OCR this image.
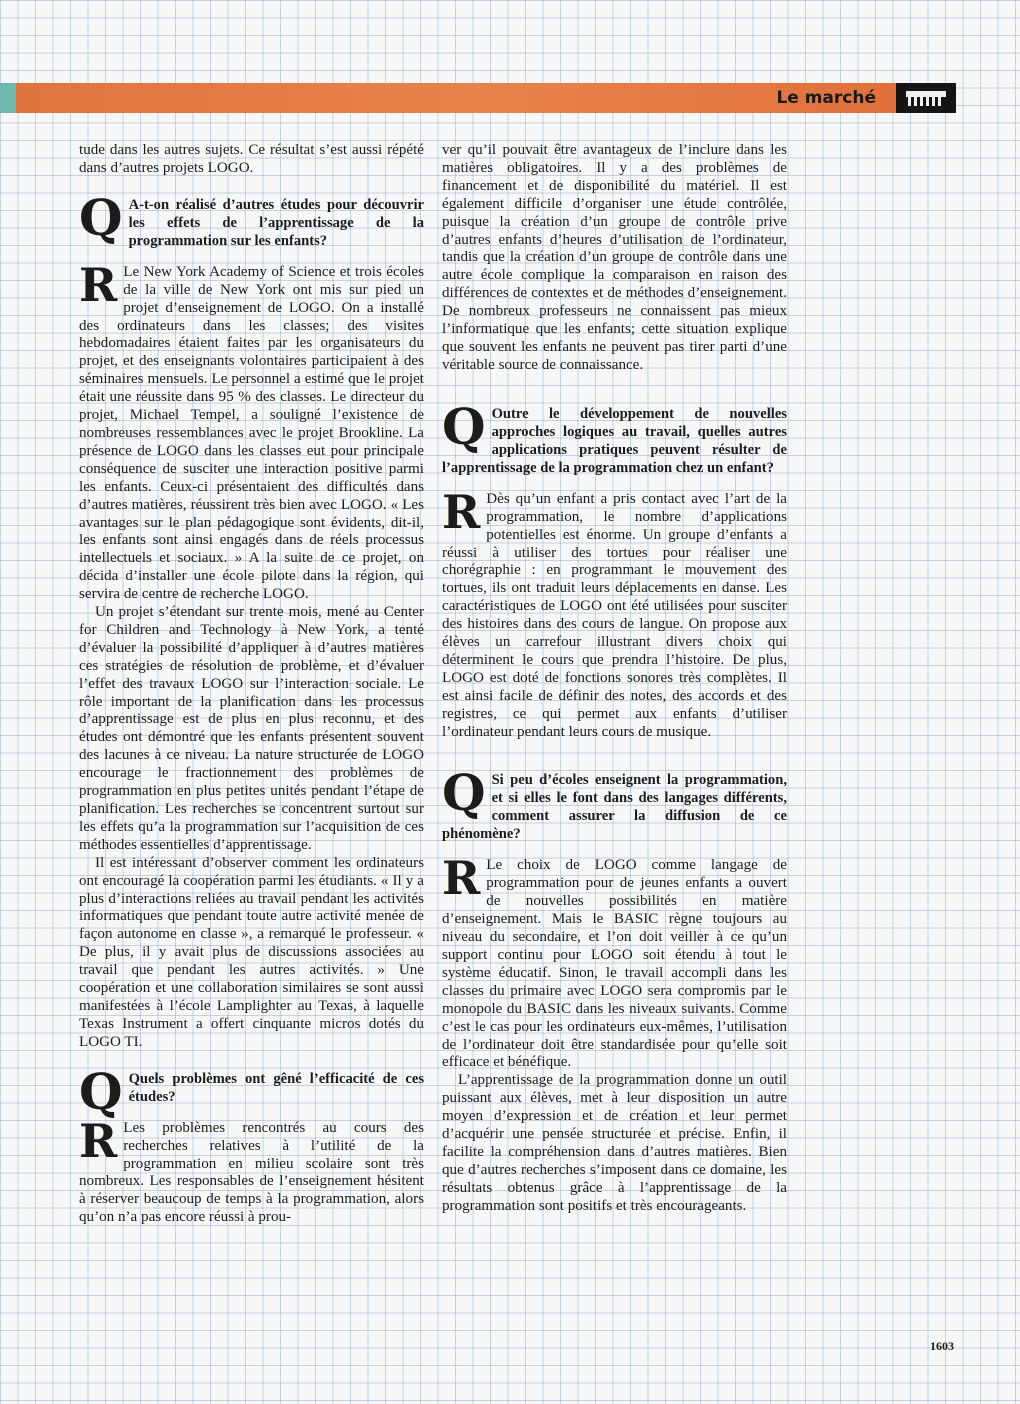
Le marché

tude dans les autres sujets. Ce résultat s’est aussi répété dans d’autres projets LOGO.

Q A-t-on réalisé d’autres études pour découvrir les effets de l’apprentissage de la programmation sur les enfants?
R Le New York Academy of Science et trois écoles de la ville de New York ont mis sur pied un projet d’enseignement de LOGO. On a installé des ordinateurs dans les classes; des visites hebdomadaires étaient faites par les organisateurs du projet, et des enseignants volontaires participaient à des séminaires mensuels. Le personnel a estimé que le projet était une réussite dans 95 % des classes. Le directeur du projet, Michael Tempel, a souligné l’existence de nombreuses ressemblances avec le projet Brookline. La présence de LOGO dans les classes eut pour principale conséquence de susciter une interaction positive parmi les enfants. Ceux-ci présentaient des difficultés dans d’autres matières, réussirent très bien avec LOGO. « Les avantages sur le plan pédagogique sont évidents, dit-il, les enfants sont ainsi engagés dans de réels processus intellectuels et sociaux. » A la suite de ce projet, on décida d’installer une école pilote dans la région, qui servira de centre de recherche LOGO.

Un projet s’étendant sur trente mois, mené au Center for Children and Technology à New York, a tenté d’évaluer la possibilité d’appliquer à d’autres matières ces stratégies de résolution de problème, et d’évaluer l’effet des travaux LOGO sur l’interaction sociale. Le rôle important de la planification dans les processus d’apprentissage est de plus en plus reconnu, et des études ont démontré que les enfants présentent souvent des lacunes à ce niveau. La nature structurée de LOGO encourage le fractionnement des problèmes de programmation en plus petites unités pendant l’étape de planification. Les recherches se concentrent surtout sur les effets qu’a la programmation sur l’acquisition de ces méthodes essentielles d’apprentissage.

Il est intéressant d’observer comment les ordinateurs ont encouragé la coopération parmi les étudiants. « Il y a plus d’interactions reliées au travail pendant les activités informatiques que pendant toute autre activité menée de façon autonome en classe », a remarqué le professeur. « De plus, il y avait plus de discussions associées au travail que pendant les autres activités. » Une coopération et une collaboration similaires se sont aussi manifestées à l’école Lamplighter au Texas, à laquelle Texas Instrument a offert cinquante micros dotés du LOGO TI.

Q Quels problèmes ont gêné l’efficacité de ces études?
R Les problèmes rencontrés au cours des recherches relatives à l’utilité de la programmation en milieu scolaire sont très nombreux. Les responsables de l’enseignement hésitent à réserver beaucoup de temps à la programmation, alors qu’on n’a pas encore réussi à prou-

ver qu’il pouvait être avantageux de l’inclure dans les matières obligatoires. Il y a des problèmes de financement et de disponibilité du matériel. Il est également difficile d’organiser une étude contrôlée, puisque la création d’un groupe de contrôle prive d’autres enfants d’heures d’utilisation de l’ordinateur, tandis que la création d’un groupe de contrôle dans une autre école complique la comparaison en raison des différences de contextes et de méthodes d’enseignement. De nombreux professeurs ne connaissent pas mieux l’informatique que les enfants; cette situation explique que souvent les enfants ne peuvent pas tirer parti d’une véritable source de connaissance.

Q Outre le développement de nouvelles approches logiques au travail, quelles autres applications pratiques peuvent résulter de l’apprentissage de la programmation chez un enfant?
R Dès qu’un enfant a pris contact avec l’art de la programmation, le nombre d’applications potentielles est énorme. Un groupe d’enfants a réussi à utiliser des tortues pour réaliser une chorégraphie : en programmant le mouvement des tortues, ils ont traduit leurs déplacements en danse. Les caractéristiques de LOGO ont été utilisées pour susciter des histoires dans des cours de langue. On propose aux élèves un carrefour illustrant divers choix qui déterminent le cours que prendra l’histoire. De plus, LOGO est doté de fonctions sonores très complètes. Il est ainsi facile de définir des notes, des accords et des registres, ce qui permet aux enfants d’utiliser l’ordinateur pendant leurs cours de musique.
Q Si peu d’écoles enseignent la programmation, et si elles le font dans des langages différents, comment assurer la diffusion de ce phénomène?
R Le choix de LOGO comme langage de programmation pour de jeunes enfants a ouvert de nouvelles possibilités en matière d’enseignement. Mais le BASIC règne toujours au niveau du secondaire, et l’on doit veiller à ce qu’un support continu pour LOGO soit étendu à tout le système éducatif. Sinon, le travail accompli dans les classes du primaire avec LOGO sera compromis par le monopole du BASIC dans les niveaux suivants. Comme c’est le cas pour les ordinateurs eux-mêmes, l’utilisation de l’ordinateur doit être standardisée pour qu’elle soit efficace et bénéfique.

L’apprentissage de la programmation donne un outil puissant aux élèves, met à leur disposition un autre moyen d’expression et de création et leur permet d’acquérir une pensée structurée et précise. Enfin, il facilite la compréhension dans d’autres matières. Bien que d’autres recherches s’imposent dans ce domaine, les résultats obtenus grâce à l’apprentissage de la programmation sont positifs et très encourageants.

1603
